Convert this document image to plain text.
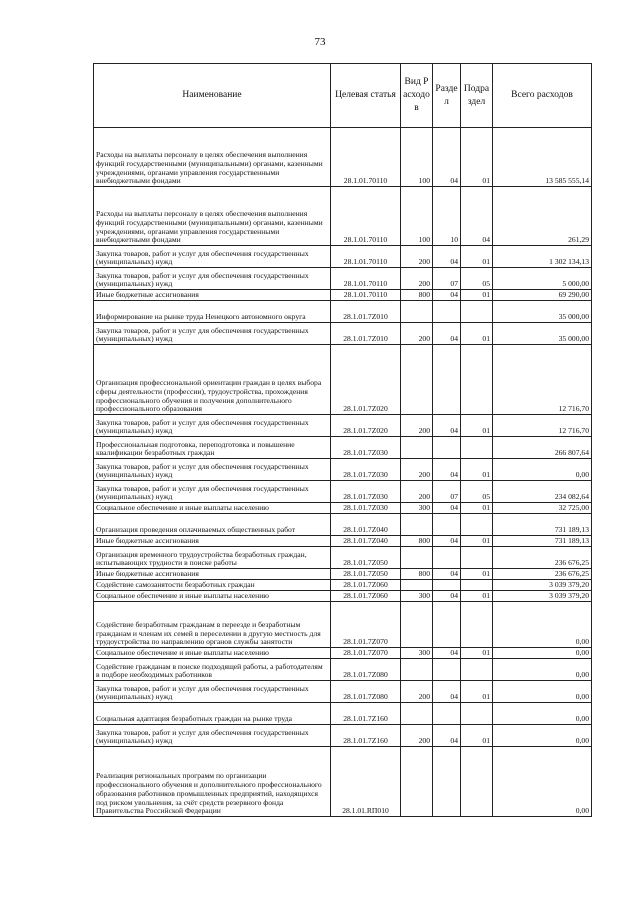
73
Наименование	Целевая статья	Вид Расходов	Раздел	Подраздел	Всего расходов
Расходы на выплаты персоналу в целях обеспечения выполнения функций государственными (муниципальными) органами, казенными учреждениями, органами управления государственными внебюджетными фондами	28.1.01.70110	100	04	01	13 585 555,14
Расходы на выплаты персоналу в целях обеспечения выполнения функций государственными (муниципальными) органами, казенными учреждениями, органами управления государственными внебюджетными фондами	28.1.01.70110	100	10	04	261,29
Закупка товаров, работ и услуг для обеспечения государственных (муниципальных) нужд	28.1.01.70110	200	04	01	1 302 134,13
Закупка товаров, работ и услуг для обеспечения государственных (муниципальных) нужд	28.1.01.70110	200	07	05	5 000,00
Иные бюджетные ассигнования	28.1.01.70110	800	04	01	69 290,00
Информирование на рынке труда Ненецкого автономного округа	28.1.01.7Z010				35 000,00
Закупка товаров, работ и услуг для обеспечения государственных (муниципальных) нужд	28.1.01.7Z010	200	04	01	35 000,00
Организация профессиональной ориентации граждан в целях выбора сферы деятельности (профессии), трудоустройства, прохождения профессионального обучения и получения дополнительного профессионального образования	28.1.01.7Z020				12 716,70
Закупка товаров, работ и услуг для обеспечения государственных (муниципальных) нужд	28.1.01.7Z020	200	04	01	12 716,70
Профессиональная подготовка, переподготовка и повышение квалификации безработных граждан	28.1.01.7Z030				266 807,64
Закупка товаров, работ и услуг для обеспечения государственных (муниципальных) нужд	28.1.01.7Z030	200	04	01	0,00
Закупка товаров, работ и услуг для обеспечения государственных (муниципальных) нужд	28.1.01.7Z030	200	07	05	234 082,64
Социальное обеспечение и иные выплаты населению	28.1.01.7Z030	300	04	01	32 725,00
Организация проведения оплачиваемых общественных работ	28.1.01.7Z040				731 189,13
Иные бюджетные ассигнования	28.1.01.7Z040	800	04	01	731 189,13
Организация временного трудоустройства безработных граждан, испытывающих трудности в поиске работы	28.1.01.7Z050				236 676,25
Иные бюджетные ассигнования	28.1.01.7Z050	800	04	01	236 676,25
Содействие самозанятости безработных граждан	28.1.01.7Z060				3 039 379,20
Социальное обеспечение и иные выплаты населению	28.1.01.7Z060	300	04	01	3 039 379,20
Содействие безработным гражданам в переезде и безработным гражданам и членам их семей в переселении в другую местность для трудоустройства по направлению органов службы занятости	28.1.01.7Z070				0,00
Социальное обеспечение и иные выплаты населению	28.1.01.7Z070	300	04	01	0,00
Содействие гражданам в поиске подходящей работы, а работодателям в подборе необходимых работников	28.1.01.7Z080				0,00
Закупка товаров, работ и услуг для обеспечения государственных (муниципальных) нужд	28.1.01.7Z080	200	04	01	0,00
Социальная адаптация безработных граждан на рынке труда	28.1.01.7Z160				0,00
Закупка товаров, работ и услуг для обеспечения государственных (муниципальных) нужд	28.1.01.7Z160	200	04	01	0,00
Реализация региональных программ по организации профессионального обучения и дополнительного профессионального образования работников промышленных предприятий, находящихся под риском увольнения, за счёт средств резервного фонда Правительства Российской Федерации	28.1.01.RП010				0,00
